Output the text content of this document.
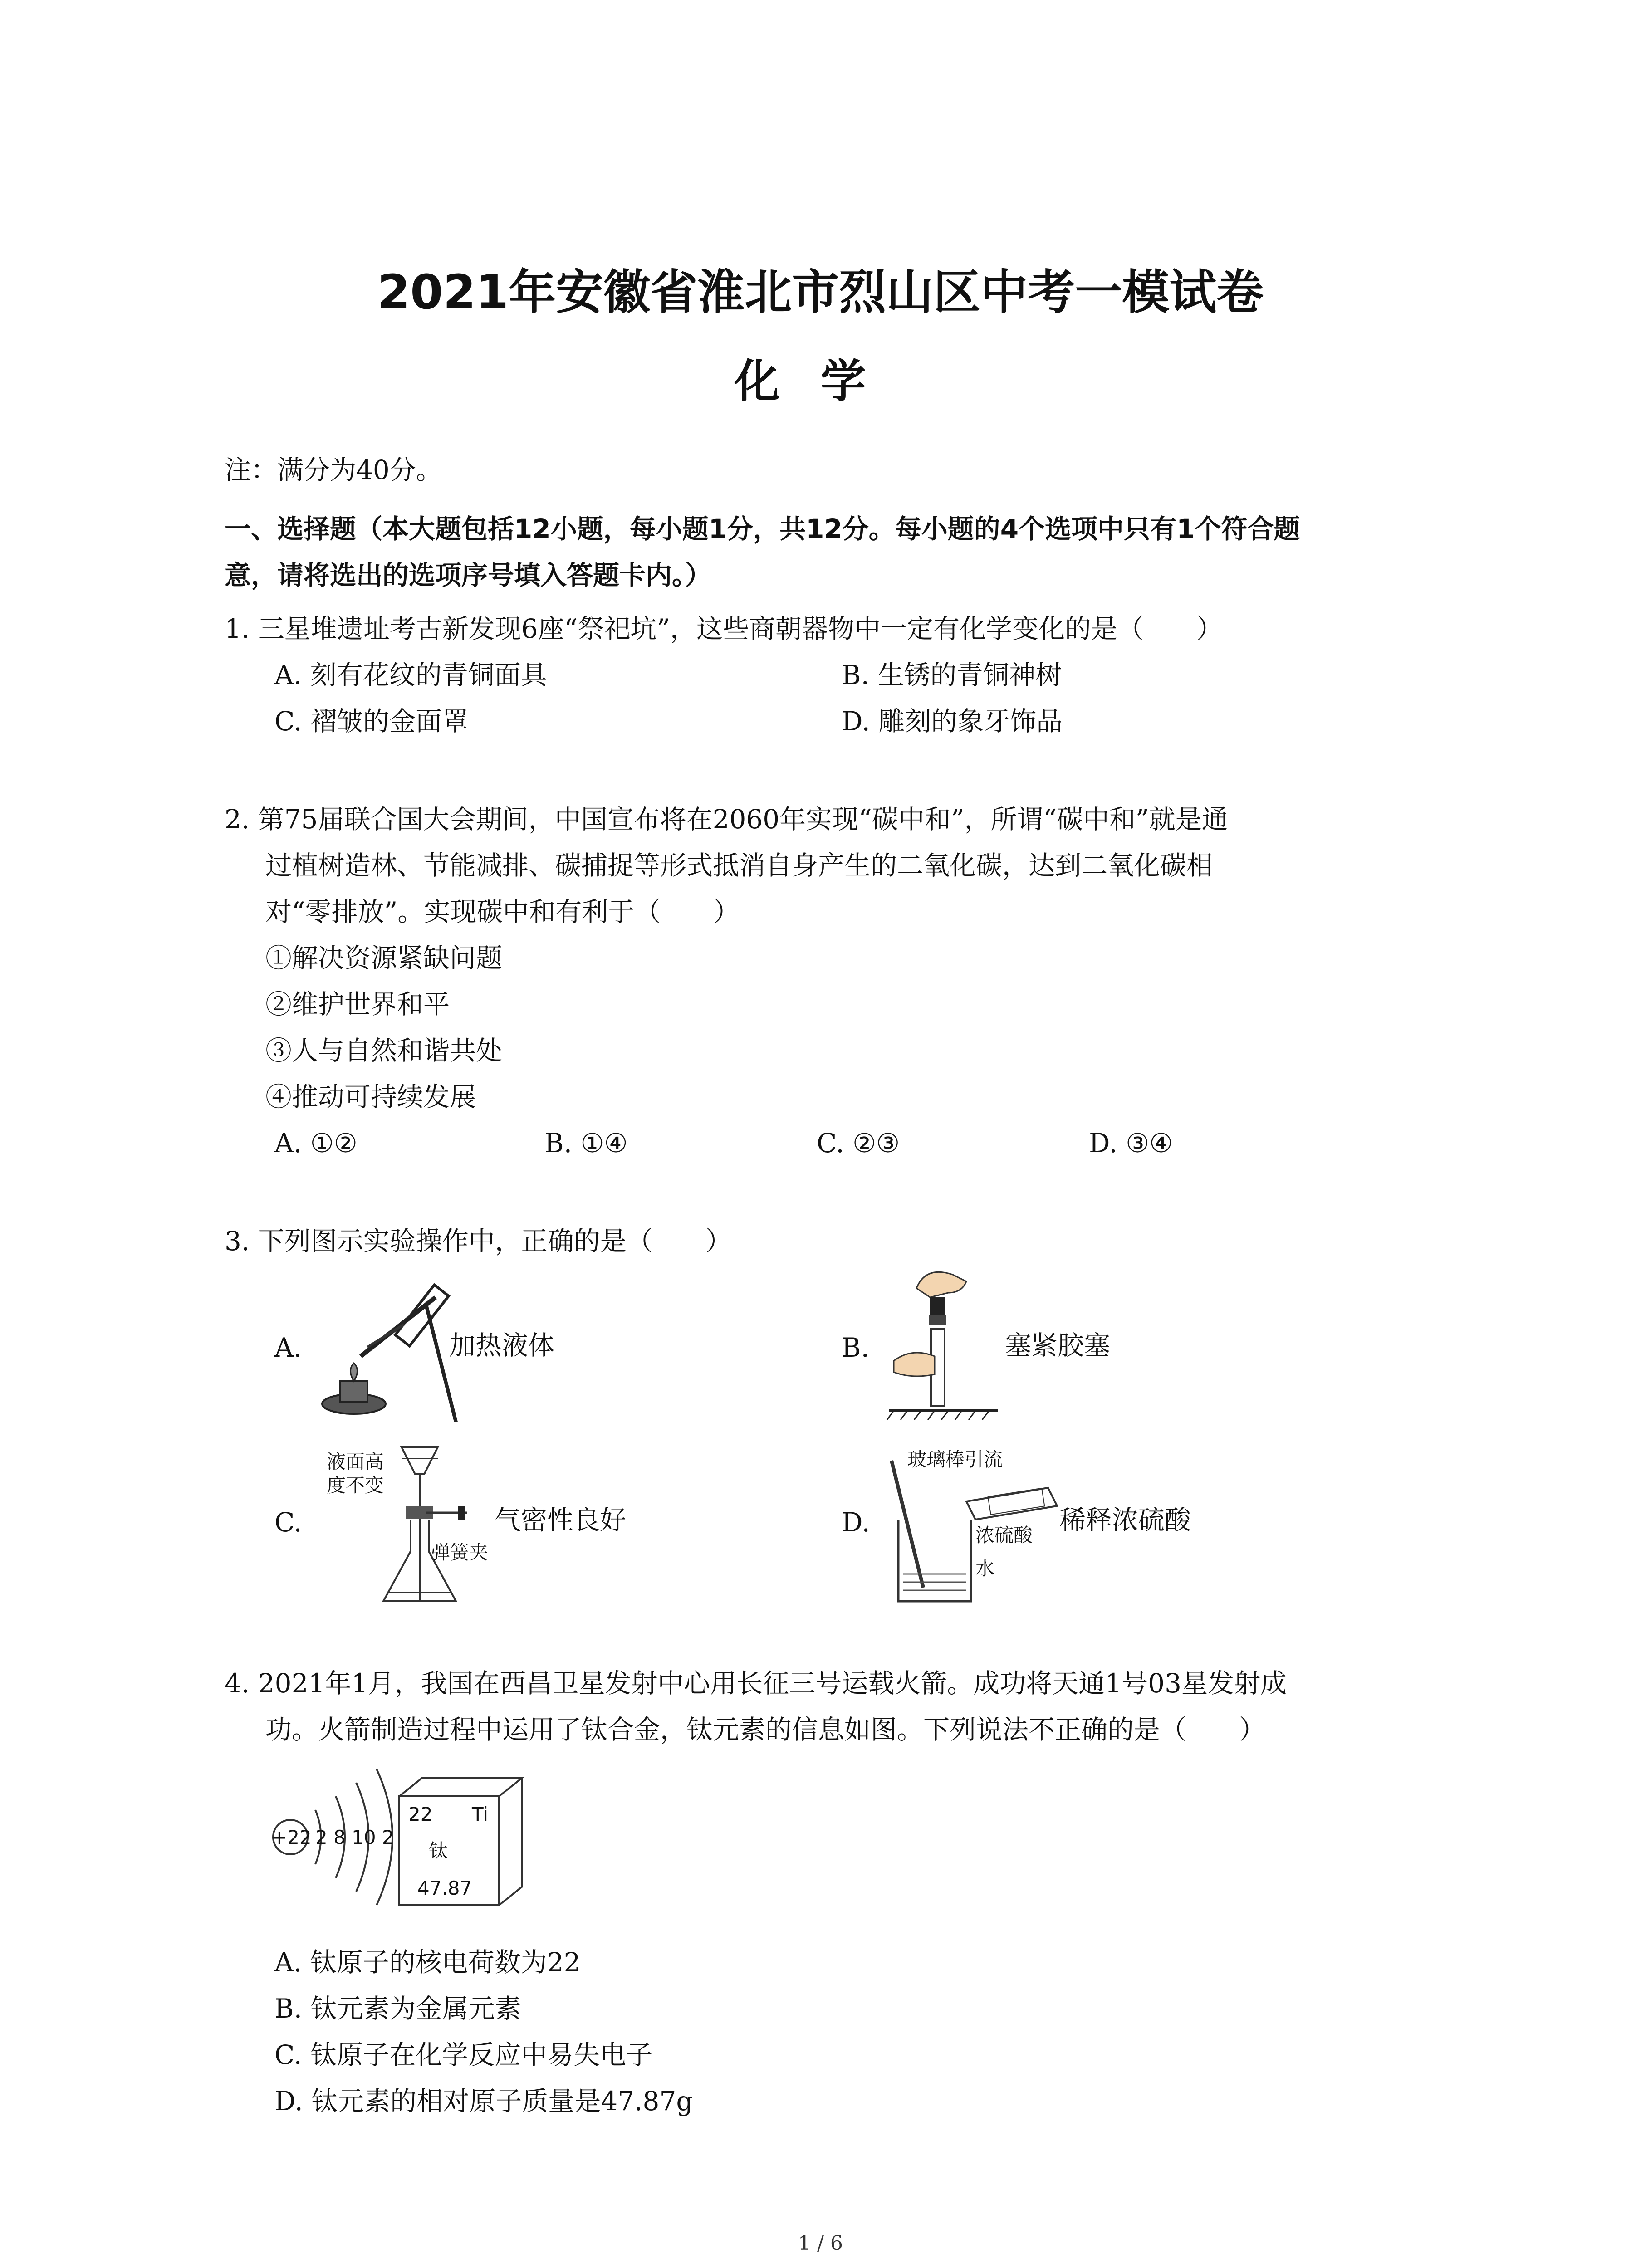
2021年安徽省淮北市烈山区中考一模试卷
化学
注：满分为40分。
一、选择题（本大题包括12小题，每小题1分，共12分。每小题的4个选项中只有1个符合题
意，请将选出的选项序号填入答题卡内。）
1. 三星堆遗址考古新发现6座“祭祀坑”，这些商朝器物中一定有化学变化的是（　　）
A. 刻有花纹的青铜面具	B. 生锈的青铜神树
C. 褶皱的金面罩	D. 雕刻的象牙饰品
2. 第75届联合国大会期间，中国宣布将在2060年实现“碳中和”，所谓“碳中和”就是通
过植树造林、节能减排、碳捕捉等形式抵消自身产生的二氧化碳，达到二氧化碳相
对“零排放”。实现碳中和有利于（　　）
①解决资源紧缺问题
②维护世界和平
③人与自然和谐共处
④推动可持续发展
A. ①②	B. ①④	C. ②③	D. ③④
3. 下列图示实验操作中，正确的是（　　）
A.	加热液体	B.	塞紧胶塞
C.
液面高
度不变
弹簧夹
气密性良好	D.
玻璃棒引流
浓硫酸
水
稀释浓硫酸
4. 2021年1月，我国在西昌卫星发射中心用长征三号运载火箭。成功将天通1号03星发射成
功。火箭制造过程中运用了钛合金，钛元素的信息如图。下列说法不正确的是（　　）
+22 2 8 10 2
22 Ti
钛
47.87
A. 钛原子的核电荷数为22
B. 钛元素为金属元素
C. 钛原子在化学反应中易失电子
D. 钛元素的相对原子质量是47.87g
1 / 6
